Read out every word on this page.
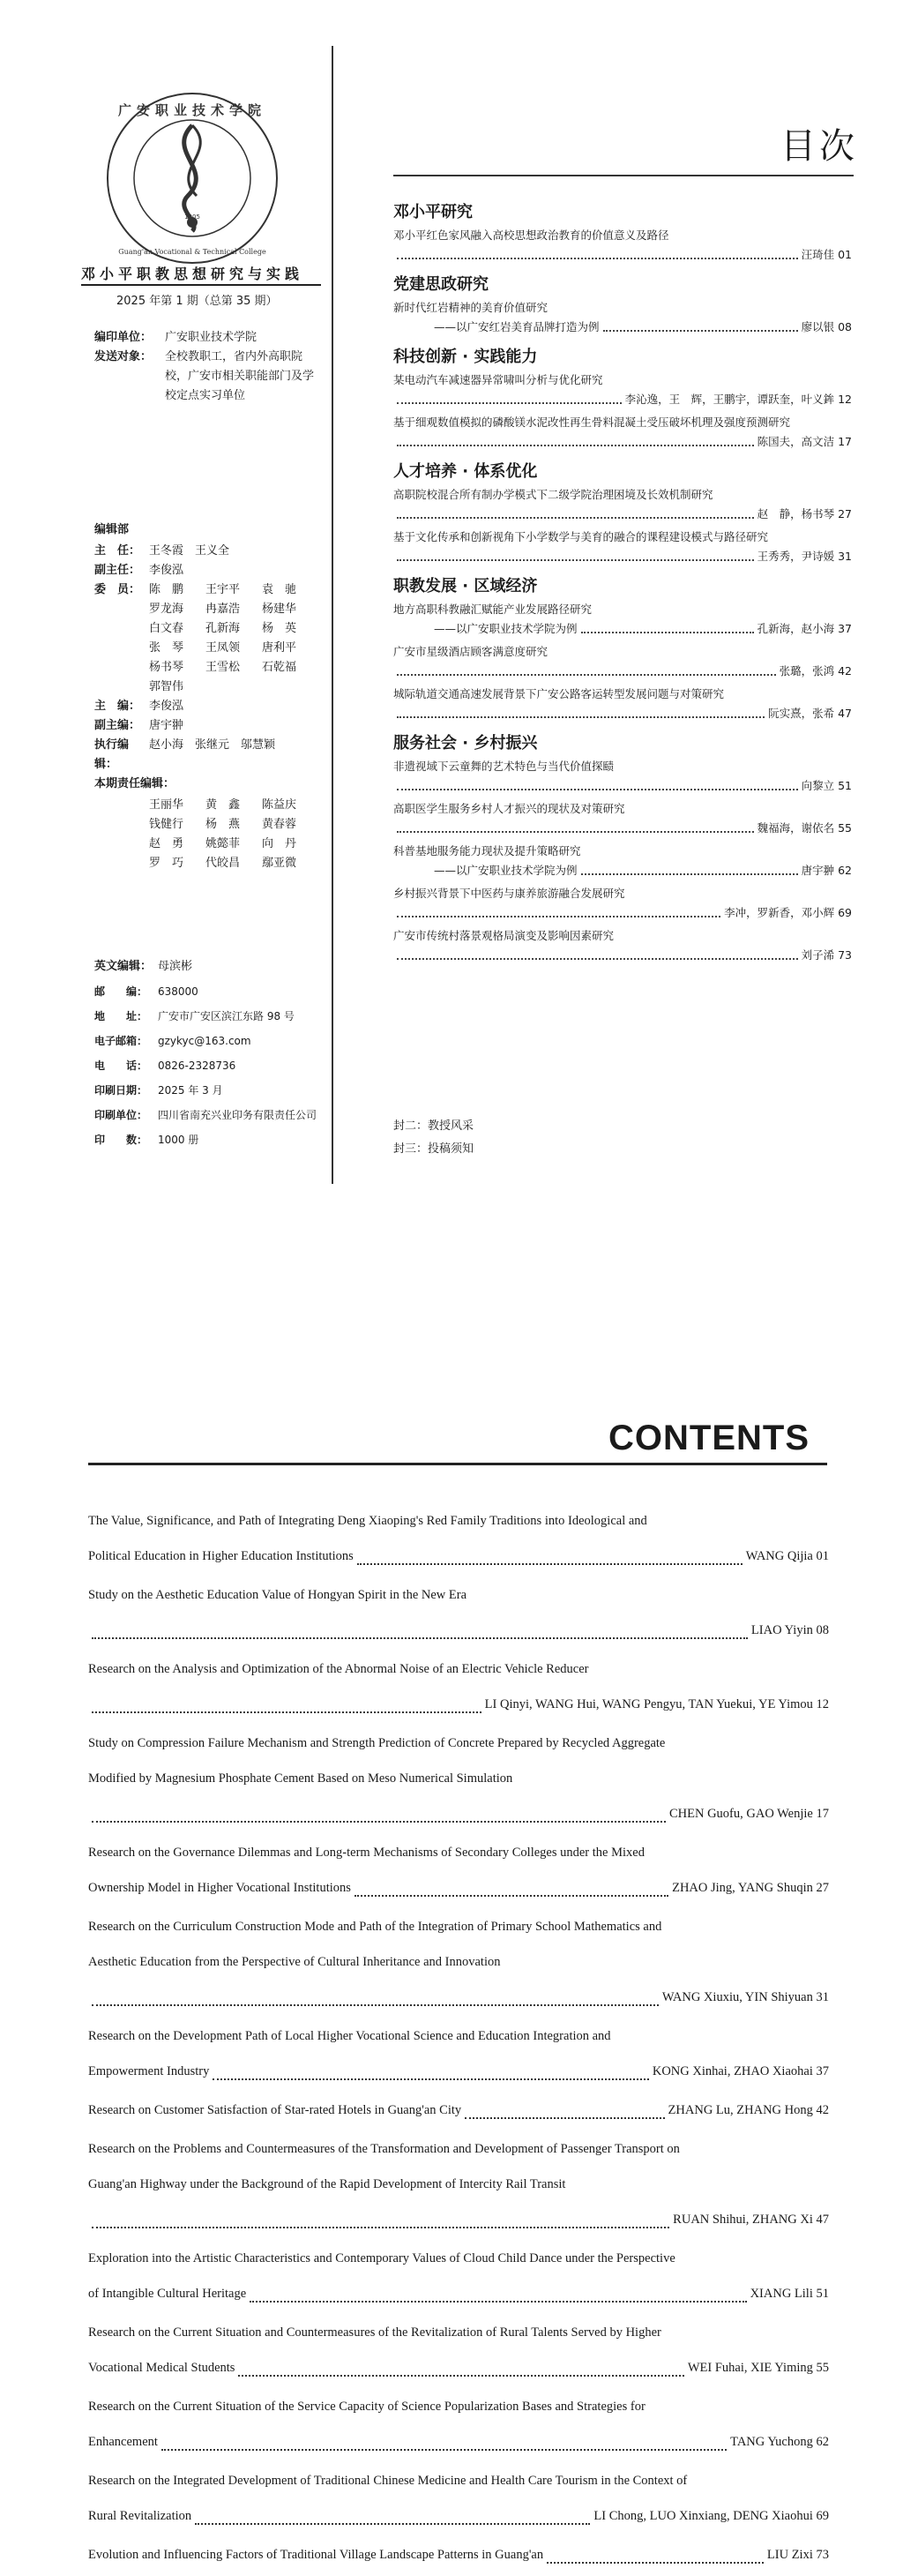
广安职业技术学院
Guang'an Vocational & Technical College
1005
邓小平职教思想研究与实践
2025 年第 1 期（总第 35 期）
编印单位：	广安职业技术学院
发送对象：	全校教职工，省内外高职院校，广安市相关职能部门及学校定点实习单位
编辑部
主　任： 王冬霞　王义全
副主任： 李俊泓
委　员： 陈　鹏	王宇平	袁　驰
罗龙海	冉嘉浩	杨建华
白文春	孔新海	杨　英
张　琴	王凤领	唐利平
杨书琴	王雪松	石乾福
郭智伟
主　编： 李俊泓
副主编： 唐宇翀
执行编辑：
赵小海　张继元　邬慧颖
本期责任编辑：
王丽华	黄　鑫	陈益庆
钱健行	杨　燕	黄春蓉
赵　勇	姚懿菲	向　丹
罗　巧	代皎昌	鄢亚微
英文编辑： 母滨彬
邮　　编： 638000
地　　址： 广安市广安区滨江东路 98 号
电子邮箱： gzykyc@163.com
电　　话： 0826-2328736
印刷日期： 2025 年 3 月
印刷单位： 四川省南充兴业印务有限责任公司
印　　数： 1000 册
目次
邓小平研究
邓小平红色家风融入高校思想政治教育的价值意义及路径
汪琦佳 01
党建思政研究
新时代红岩精神的美育价值研究
——以广安红岩美育品牌打造为例	廖以银 08
科技创新 · 实践能力
某电动汽车减速器异常啸叫分析与优化研究
李沁逸，王　辉，王鹏宇，谭跃奎，叶义鉾 12
基于细观数值模拟的磷酸镁水泥改性再生骨料混凝土受压破坏机理及强度预测研究
陈国夫，高文洁 17
人才培养 · 体系优化
高职院校混合所有制办学模式下二级学院治理困境及长效机制研究
赵　静，杨书琴 27
基于文化传承和创新视角下小学数学与美育的融合的课程建设模式与路径研究
王秀秀，尹诗媛 31
职教发展 · 区域经济
地方高职科教融汇赋能产业发展路径研究
——以广安职业技术学院为例	孔新海，赵小海 37
广安市星级酒店顾客满意度研究
张璐，张鸿 42
城际轨道交通高速发展背景下广安公路客运转型发展问题与对策研究
阮实熹，张希 47
服务社会 · 乡村振兴
非遗视域下云童舞的艺术特色与当代价值探赜
向黎立 51
高职医学生服务乡村人才振兴的现状及对策研究
魏福海，谢依名 55
科普基地服务能力现状及提升策略研究
——以广安职业技术学院为例	唐宇翀 62
乡村振兴背景下中医药与康养旅游融合发展研究
李冲，罗新香，邓小辉 69
广安市传统村落景观格局演变及影响因素研究
刘子浠 73
封二：教授风采
封三：投稿须知
CONTENTS
The Value, Significance, and Path of Integrating Deng Xiaoping's Red Family Traditions into Ideological and
Political Education in Higher Education Institutions	WANG Qijia 01
Study on the Aesthetic Education Value of Hongyan Spirit in the New Era
LIAO Yiyin 08
Research on the Analysis and Optimization of the Abnormal Noise of an Electric Vehicle Reducer
LI Qinyi, WANG Hui, WANG Pengyu, TAN Yuekui, YE Yimou 12
Study on Compression Failure Mechanism and Strength Prediction of Concrete Prepared by Recycled Aggregate
Modified by Magnesium Phosphate Cement Based on Meso Numerical Simulation
CHEN Guofu, GAO Wenjie 17
Research on the Governance Dilemmas and Long-term Mechanisms of Secondary Colleges under the Mixed
Ownership Model in Higher Vocational Institutions	ZHAO Jing, YANG Shuqin 27
Research on the Curriculum Construction Mode and Path of the Integration of Primary School Mathematics and
Aesthetic Education from the Perspective of Cultural Inheritance and Innovation
WANG Xiuxiu, YIN Shiyuan 31
Research on the Development Path of Local Higher Vocational Science and Education Integration and
Empowerment Industry	KONG Xinhai, ZHAO Xiaohai 37
Research on Customer Satisfaction of Star-rated Hotels in Guang'an City	ZHANG Lu, ZHANG Hong 42
Research on the Problems and Countermeasures of the Transformation and Development of Passenger Transport on
Guang'an Highway under the Background of the Rapid Development of Intercity Rail Transit
RUAN Shihui, ZHANG Xi 47
Exploration into the Artistic Characteristics and Contemporary Values of Cloud Child Dance under the Perspective
of Intangible Cultural Heritage	XIANG Lili 51
Research on the Current Situation and Countermeasures of the Revitalization of Rural Talents Served by Higher
Vocational Medical Students	WEI Fuhai, XIE Yiming 55
Research on the Current Situation of the Service Capacity of Science Popularization Bases and Strategies for
Enhancement	TANG Yuchong 62
Research on the Integrated Development of Traditional Chinese Medicine and Health Care Tourism in the Context of
Rural Revitalization	LI Chong, LUO Xinxiang, DENG Xiaohui 69
Evolution and Influencing Factors of Traditional Village Landscape Patterns in Guang'an	LIU Zixi 73
